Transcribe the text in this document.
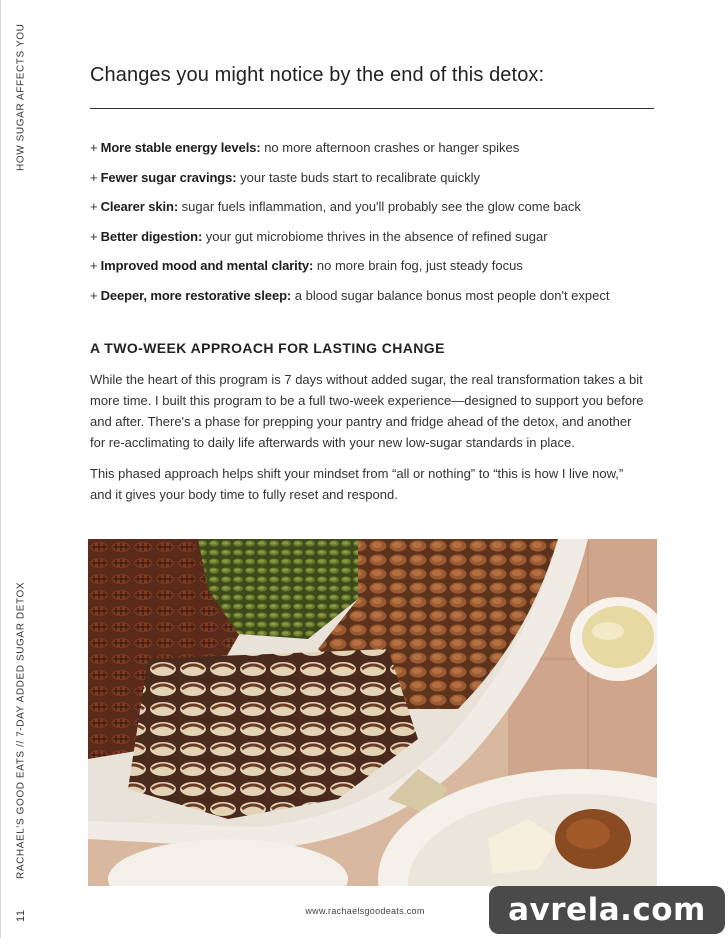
HOW SUGAR AFFECTS YOU
11
RACHAEL'S GOOD EATS // 7-DAY ADDED SUGAR DETOX
Changes you might notice by the end of this detox:
+ More stable energy levels: no more afternoon crashes or hanger spikes
+ Fewer sugar cravings: your taste buds start to recalibrate quickly
+ Clearer skin: sugar fuels inflammation, and you'll probably see the glow come back
+ Better digestion: your gut microbiome thrives in the absence of refined sugar
+ Improved mood and mental clarity: no more brain fog, just steady focus
+ Deeper, more restorative sleep: a blood sugar balance bonus most people don't expect
A TWO-WEEK APPROACH FOR LASTING CHANGE

While the heart of this program is 7 days without added sugar, the real transformation takes a bit more time. I built this program to be a full two-week experience—designed to support you before and after. There's a phase for prepping your pantry and fridge ahead of the detox, and another for re-acclimating to daily life afterwards with your new low-sugar standards in place.

This phased approach helps shift your mindset from “all or nothing” to “this is how I live now,” and it gives your body time to fully reset and respond.

www.rachaelsgoodeats.com	avrela.com
